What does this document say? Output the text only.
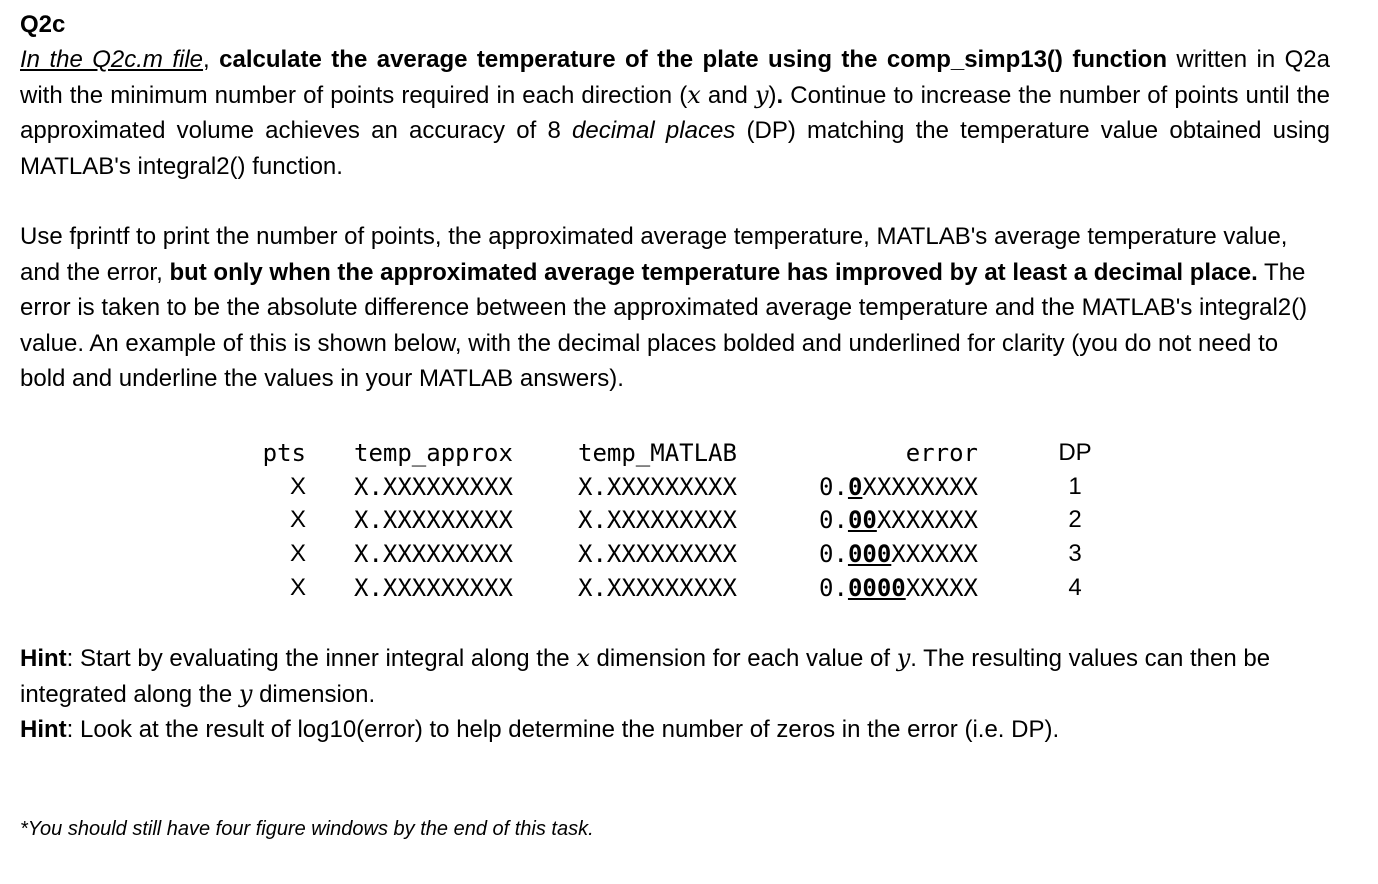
Q2c

In the Q2c.m file, calculate the average temperature of the plate using the comp_simp13() function written in Q2a with the minimum number of points required in each direction (x and y). Continue to increase the number of points until the approximated volume achieves an accuracy of 8 decimal places (DP) matching the temperature value obtained using MATLAB's integral2() function.

Use fprintf to print the number of points, the approximated average temperature, MATLAB's average temperature value, and the error, but only when the approximated average temperature has improved by at least a decimal place. The error is taken to be the absolute difference between the approximated average temperature and the MATLAB's integral2() value. An example of this is shown below, with the decimal places bolded and underlined for clarity (you do not need to bold and underline the values in your MATLAB answers).

pts		temp_approx		temp_MATLAB		error		DP
X		X.XXXXXXXXX		X.XXXXXXXXX		0.0XXXXXXXX		1
X		X.XXXXXXXXX		X.XXXXXXXXX		0.00XXXXXXX		2
X		X.XXXXXXXXX		X.XXXXXXXXX		0.000XXXXXX		3
X		X.XXXXXXXXX		X.XXXXXXXXX		0.0000XXXXX		4

Hint: Start by evaluating the inner integral along the x dimension for each value of y. The resulting values can then be integrated along the y dimension.

Hint: Look at the result of log10(error) to help determine the number of zeros in the error (i.e. DP).

*You should still have four figure windows by the end of this task.
